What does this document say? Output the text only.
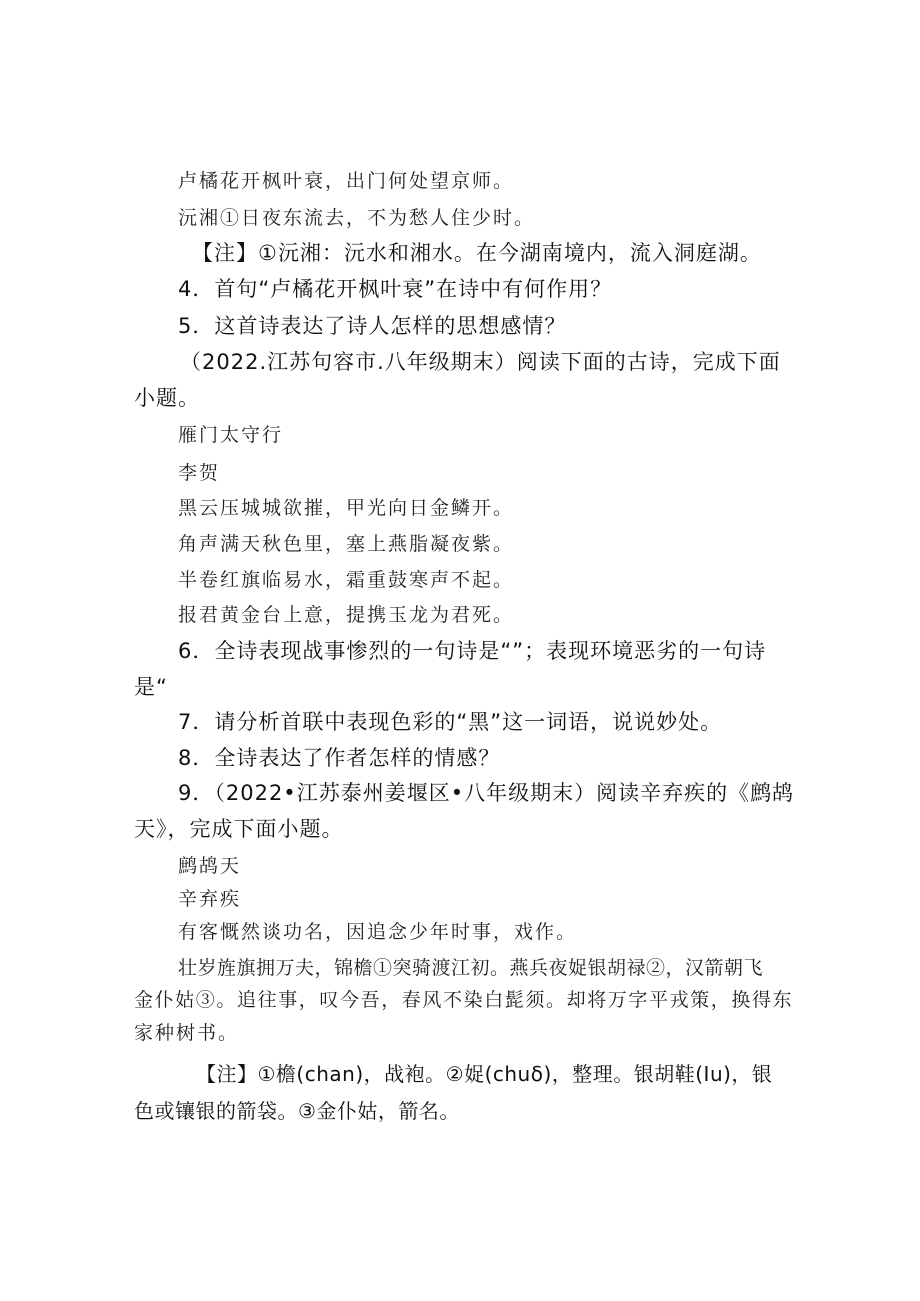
卢橘花开枫叶衰，出门何处望京师。
沅湘①日夜东流去，不为愁人住少时。
【注】①沅湘：沅水和湘水。在今湖南境内，流入洞庭湖。
4．首句“卢橘花开枫叶衰”在诗中有何作用？
5．这首诗表达了诗人怎样的思想感情？
（2022.江苏句容市.八年级期末）阅读下面的古诗，完成下面
小题。
雁门太守行
李贺
黑云压城城欲摧，甲光向日金鳞开。
角声满天秋色里，塞上燕脂凝夜紫。
半卷红旗临易水，霜重鼓寒声不起。
报君黄金台上意，提携玉龙为君死。
6．全诗表现战事惨烈的一句诗是“”；表现环境恶劣的一句诗
是“
7．请分析首联中表现色彩的“黑”这一词语，说说妙处。
8．全诗表达了作者怎样的情感？
9．（2022•江苏泰州姜堰区•八年级期末）阅读辛弃疾的《鹧鸪
天》，完成下面小题。
鹧鸪天
辛弃疾
有客慨然谈功名，因追念少年时事，戏作。
壮岁旌旗拥万夫，锦檐①突骑渡江初。燕兵夜娖银胡禄②，汉箭朝飞
金仆姑③。追往事，叹今吾，春风不染白髭须。却将万字平戎策，换得东
家种树书。
【注】①檐(chan)，战袍。②娖(chuδ)，整理。银胡鞋(Iu)，银
色或镶银的箭袋。③金仆姑，箭名。
